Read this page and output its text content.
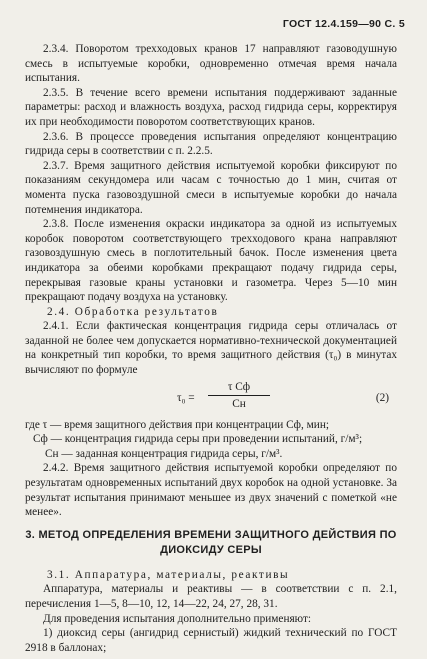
ГОСТ 12.4.159—90 С. 5

2.3.4. Поворотом трехходовых кранов 17 направляют газоводушную смесь в испытуемые коробки, одновременно отмечая время начала испытания.

2.3.5. В течение всего времени испытания поддерживают заданные параметры: расход и влажность воздуха, расход гидрида серы, корректируя их при необходимости поворотом соответствующих кранов.

2.3.6. В процессе проведения испытания определяют концентрацию гидрида серы в соответствии с п. 2.2.5.

2.3.7. Время защитного действия испытуемой коробки фиксируют по показаниям секундомера или часам с точностью до 1 мин, считая от момента пуска газовоздушной смеси в испытуемые коробки до начала потемнения индикатора.

2.3.8. После изменения окраски индикатора за одной из испытуемых коробок поворотом соответствующего трехходового крана направляют газовоздушную смесь в поглотительный бачок. После изменения цвета индикатора за обеими коробками прекращают подачу гидрида серы, перекрывая газовые краны установки и газометра. Через 5—10 мин прекращают подачу воздуха на установку.

2.4. Обработка результатов

2.4.1. Если фактическая концентрация гидрида серы отличалась от заданной не более чем допускается нормативно-технической документацией на конкретный тип коробки, то время защитного действия (τ₀) в минутах вычисляют по формуле

τ₀ =
τ Cф
Cн
(2)

где τ — время защитного действия при концентрации Cф, мин;

Cф — концентрация гидрида серы при проведении испытаний, г/м³;

Cн — заданная концентрация гидрида серы, г/м³.

2.4.2. Время защитного действия испытуемой коробки определяют по результатам одновременных испытаний двух коробок на одной установке. За результат испытания принимают меньшее из двух значений с пометкой «не менее».

3. МЕТОД ОПРЕДЕЛЕНИЯ ВРЕМЕНИ ЗАЩИТНОГО ДЕЙСТВИЯ ПО ДИОКСИДУ СЕРЫ

3.1. Аппаратура, материалы, реактивы

Аппаратура, материалы и реактивы — в соответствии с п. 2.1, перечисления 1—5, 8—10, 12, 14—22, 24, 27, 28, 31.

Для проведения испытания дополнительно применяют:

1) диоксид серы (ангидрид сернистый) жидкий технический по ГОСТ 2918 в баллонах;
